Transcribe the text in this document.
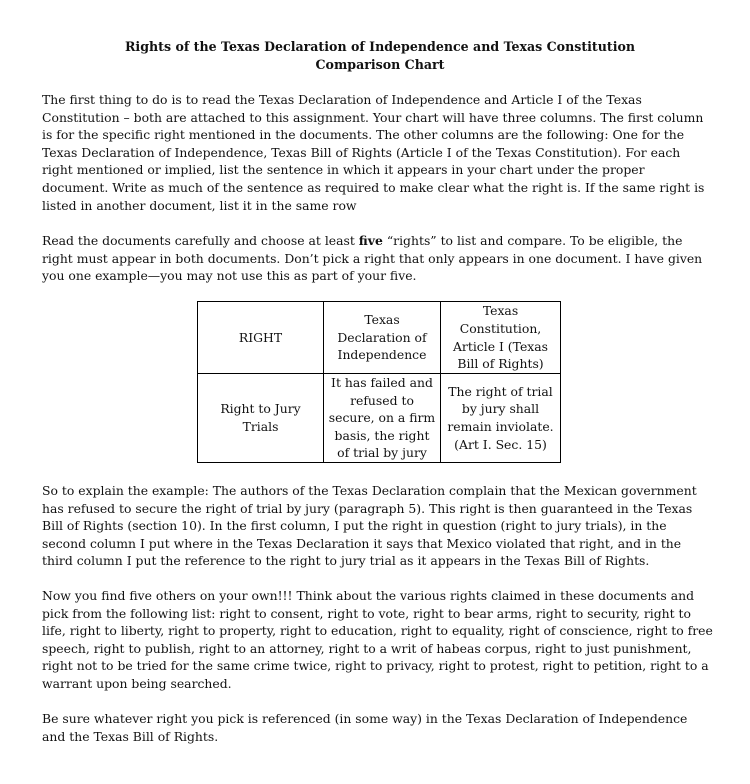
Rights of the Texas Declaration of Independence and Texas Constitution
Comparison Chart

The first thing to do is to read the Texas Declaration of Independence and Article I of the Texas Constitution – both are attached to this assignment. Your chart will have three columns. The first column is for the specific right mentioned in the documents. The other columns are the following: One for the Texas Declaration of Independence, Texas Bill of Rights (Article I of the Texas Constitution). For each right mentioned or implied, list the sentence in which it appears in your chart under the proper document. Write as much of the sentence as required to make clear what the right is. If the same right is listed in another document, list it in the same row

Read the documents carefully and choose at least five “rights” to list and compare. To be eligible, the right must appear in both documents. Don’t pick a right that only appears in one document. I have given you one example—you may not use this as part of your five.

RIGHT	Texas Declaration of Independence	Texas Constitution, Article I (Texas Bill of Rights)
Right to Jury Trials	It has failed and refused to secure, on a firm basis, the right of trial by jury	The right of trial by jury shall remain inviolate. (Art I. Sec. 15)

So to explain the example: The authors of the Texas Declaration complain that the Mexican government has refused to secure the right of trial by jury (paragraph 5). This right is then guaranteed in the Texas Bill of Rights (section 10). In the first column, I put the right in question (right to jury trials), in the second column I put where in the Texas Declaration it says that Mexico violated that right, and in the third column I put the reference to the right to jury trial as it appears in the Texas Bill of Rights.

Now you find five others on your own!!! Think about the various rights claimed in these documents and pick from the following list: right to consent, right to vote, right to bear arms, right to security, right to life, right to liberty, right to property, right to education, right to equality, right of conscience, right to free speech, right to publish, right to an attorney, right to a writ of habeas corpus, right to just punishment, right not to be tried for the same crime twice, right to privacy, right to protest, right to petition, right to a warrant upon being searched.

Be sure whatever right you pick is referenced (in some way) in the Texas Declaration of Independence and the Texas Bill of Rights.
